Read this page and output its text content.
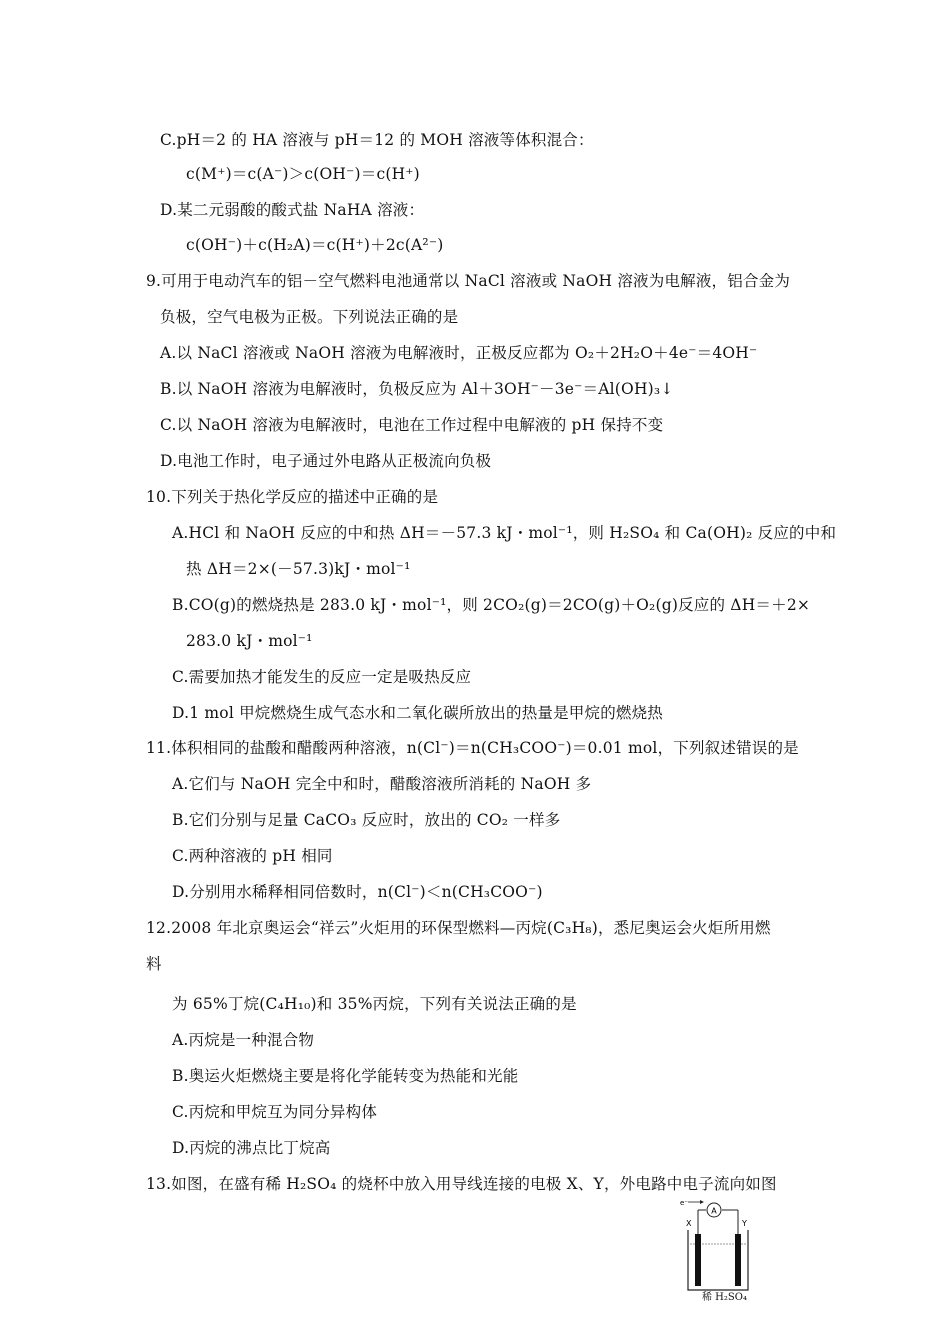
C.pH＝2 的 HA 溶液与 pH＝12 的 MOH 溶液等体积混合：
c(M⁺)＝c(A⁻)＞c(OH⁻)＝c(H⁺)
D.某二元弱酸的酸式盐 NaHA 溶液：
c(OH⁻)＋c(H₂A)＝c(H⁺)＋2c(A²⁻)
9.可用于电动汽车的铝－空气燃料电池通常以 NaCl 溶液或 NaOH 溶液为电解液，铝合金为
负极，空气电极为正极。下列说法正确的是
A.以 NaCl 溶液或 NaOH 溶液为电解液时，正极反应都为 O₂＋2H₂O＋4e⁻＝4OH⁻
B.以 NaOH 溶液为电解液时，负极反应为 Al＋3OH⁻－3e⁻＝Al(OH)₃↓
C.以 NaOH 溶液为电解液时，电池在工作过程中电解液的 pH 保持不变
D.电池工作时，电子通过外电路从正极流向负极
10.下列关于热化学反应的描述中正确的是
A.HCl 和 NaOH 反应的中和热 ΔH＝－57.3 kJ・mol⁻¹，则 H₂SO₄ 和 Ca(OH)₂ 反应的中和
热 ΔH＝2×(－57.3)kJ・mol⁻¹
B.CO(g)的燃烧热是 283.0 kJ・mol⁻¹，则 2CO₂(g)＝2CO(g)＋O₂(g)反应的 ΔH＝＋2×
283.0 kJ・mol⁻¹
C.需要加热才能发生的反应一定是吸热反应
D.1 mol 甲烷燃烧生成气态水和二氧化碳所放出的热量是甲烷的燃烧热
11.体积相同的盐酸和醋酸两种溶液，n(Cl⁻)＝n(CH₃COO⁻)＝0.01 mol，下列叙述错误的是
A.它们与 NaOH 完全中和时，醋酸溶液所消耗的 NaOH 多
B.它们分别与足量 CaCO₃ 反应时，放出的 CO₂ 一样多
C.两种溶液的 pH 相同
D.分别用水稀释相同倍数时，n(Cl⁻)＜n(CH₃COO⁻)
12.2008 年北京奥运会“祥云”火炬用的环保型燃料—丙烷(C₃H₈)，悉尼奥运会火炬所用燃
料
为 65%丁烷(C₄H₁₀)和 35%丙烷，下列有关说法正确的是
A.丙烷是一种混合物
B.奥运火炬燃烧主要是将化学能转变为热能和光能
C.丙烷和甲烷互为同分异构体
D.丙烷的沸点比丁烷高
13.如图，在盛有稀 H₂SO₄ 的烧杯中放入用导线连接的电极 X、Y，外电路中电子流向如图
A
e⁻
X	Y
稀 H₂SO₄
